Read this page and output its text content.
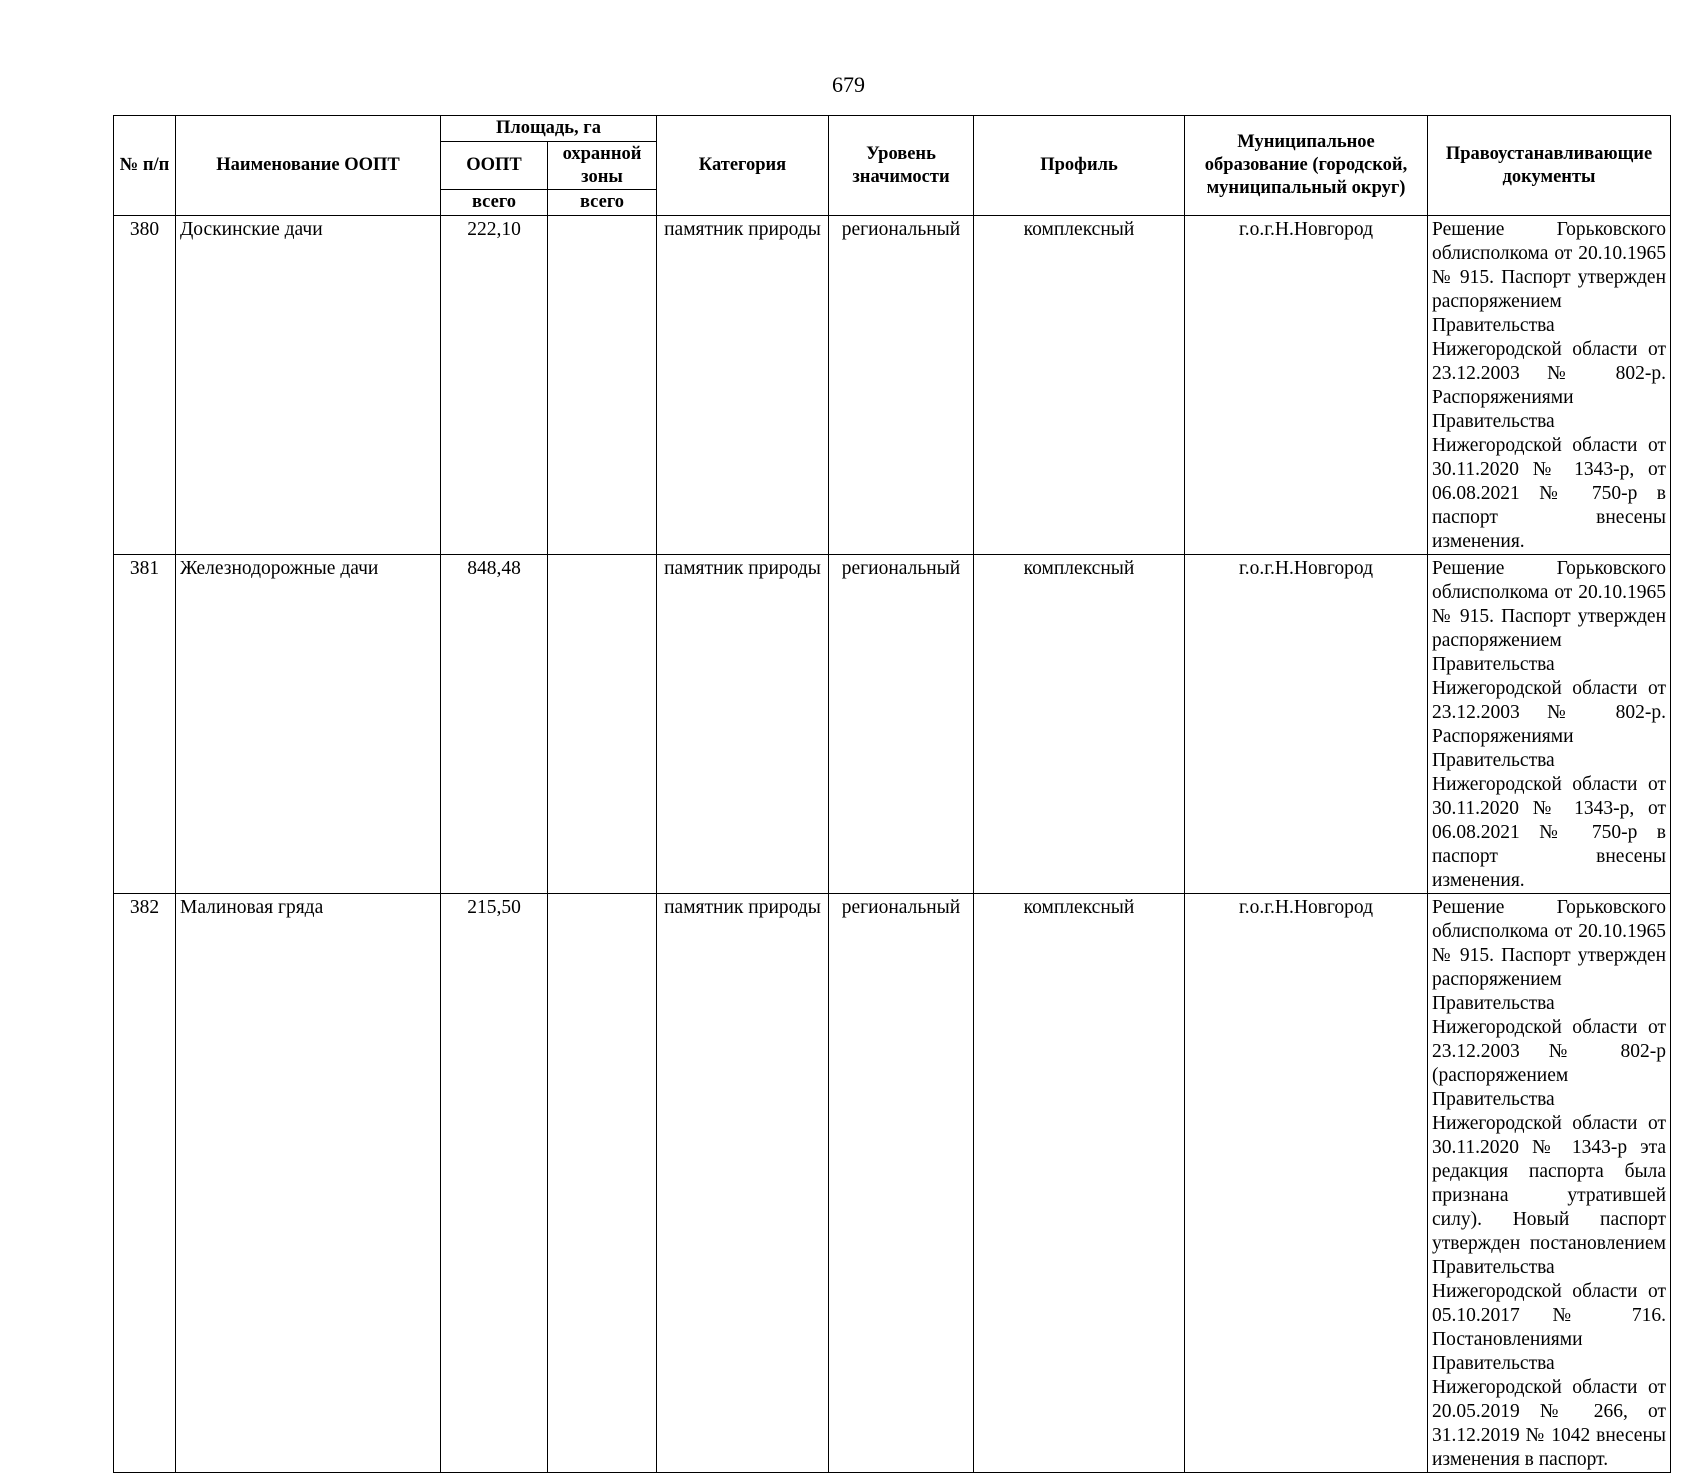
679
№ п/п	Наименование ООПТ	Площадь, га		Категория	Уровень значимости	Профиль	Муниципальное образование (городской, муниципальный округ)	Правоустанавливающие документы
		ООПТ	охранной зоны					
		всего	всего					
380	Доскинские дачи	222,10		памятник природы	региональный	комплексный	г.о.г.Н.Новгород	Решение Горьковского облисполкома от 20.10.1965 № 915. Паспорт утвержден распоряжением Правительства Нижегородской области от 23.12.2003 № 802-р. Распоряжениями Правительства Нижегородской области от 30.11.2020 № 1343-р, от 06.08.2021 № 750-р в паспорт внесены изменения.
381	Железнодорожные дачи	848,48		памятник природы	региональный	комплексный	г.о.г.Н.Новгород	Решение Горьковского облисполкома от 20.10.1965 № 915. Паспорт утвержден распоряжением Правительства Нижегородской области от 23.12.2003 № 802-р. Распоряжениями Правительства Нижегородской области от 30.11.2020 № 1343-р, от 06.08.2021 № 750-р в паспорт внесены изменения.
382	Малиновая гряда	215,50		памятник природы	региональный	комплексный	г.о.г.Н.Новгород	Решение Горьковского облисполкома от 20.10.1965 № 915. Паспорт утвержден распоряжением Правительства Нижегородской области от 23.12.2003 № 802-р (распоряжением Правительства Нижегородской области от 30.11.2020 № 1343-р эта редакция паспорта была признана утратившей силу). Новый паспорт утвержден постановлением Правительства Нижегородской области от 05.10.2017 № 716. Постановлениями Правительства Нижегородской области от 20.05.2019 № 266, от 31.12.2019 № 1042 внесены изменения в паспорт.
